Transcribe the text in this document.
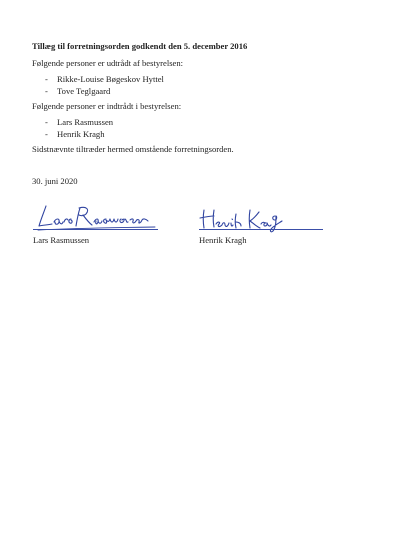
Tillæg til forretningsorden godkendt den 5. december 2016
Følgende personer er udtrådt af bestyrelsen:
- Rikke-Louise Bøgeskov Hyttel
- Tove Teglgaard
Følgende personer er indtrådt i bestyrelsen:
- Lars Rasmussen
- Henrik Kragh
Sidstnævnte tiltræder hermed omstående forretningsorden.
30. juni 2020
Lars Rasmussen	Henrik Kragh
